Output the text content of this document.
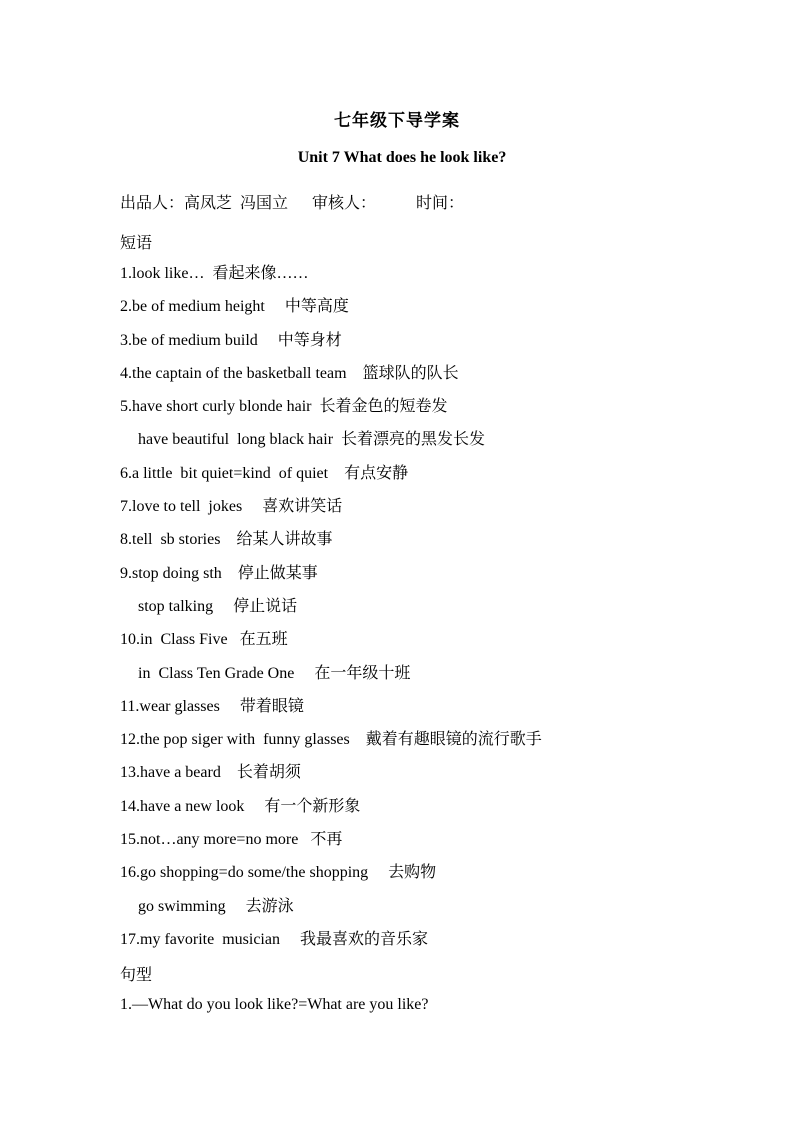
七年级下导学案
Unit 7 What does he look like?
出品人：高凤芝  冯国立      审核人：          时间：
短语
1.look like…  看起来像……
2.be of medium height     中等高度
3.be of medium build     中等身材
4.the captain of the basketball team    篮球队的队长
5.have short curly blonde hair  长着金色的短卷发
have beautiful  long black hair  长着漂亮的黑发长发
6.a little  bit quiet=kind  of quiet    有点安静
7.love to tell  jokes     喜欢讲笑话
8.tell  sb stories    给某人讲故事
9.stop doing sth    停止做某事
stop talking     停止说话
10.in  Class Five   在五班
in  Class Ten Grade One     在一年级十班
11.wear glasses     带着眼镜
12.the pop siger with  funny glasses    戴着有趣眼镜的流行歌手
13.have a beard    长着胡须
14.have a new look     有一个新形象
15.not…any more=no more   不再
16.go shopping=do some/the shopping     去购物
go swimming     去游泳
17.my favorite  musician     我最喜欢的音乐家
句型
1.—What do you look like?=What are you like?
